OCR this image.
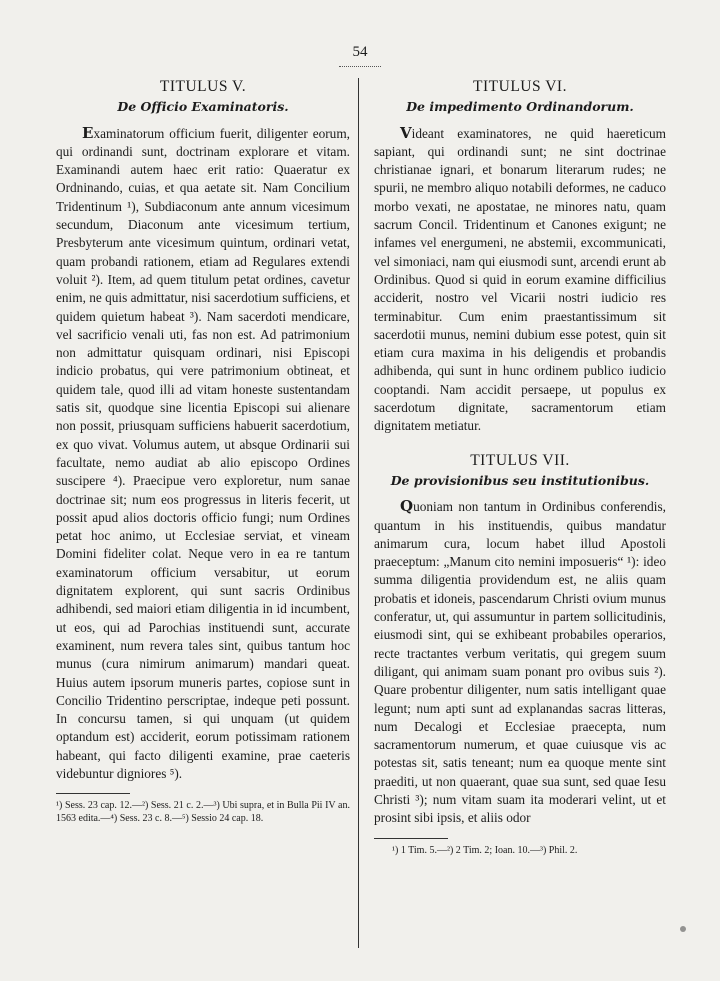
54
TITULUS V.
De Officio Examinatoris.

Examinatorum officium fuerit, diligenter eorum, qui ordinandi sunt, doctrinam explorare et vitam. Examinandi autem haec erit ratio: Quaeratur ex Ordninando, cuias, et qua aetate sit. Nam Concilium Tridentinum ¹), Subdiaconum ante annum vicesimum secundum, Diaconum ante vicesimum tertium, Presbyterum ante vicesimum quintum, ordinari vetat, quam probandi rationem, etiam ad Regulares extendi voluit ²). Item, ad quem titulum petat ordines, cavetur enim, ne quis admittatur, nisi sacerdotium sufficiens, et quidem quietum habeat ³). Nam sacerdoti mendicare, vel sacrificio venali uti, fas non est. Ad patrimonium non admittatur quisquam ordinari, nisi Episcopi indicio probatus, qui vere patrimonium obtineat, et quidem tale, quod illi ad vitam honeste sustentandam satis sit, quodque sine licentia Episcopi sui alienare non possit, priusquam sufficiens habuerit sacerdotium, ex quo vivat. Volumus autem, ut absque Ordinarii sui facultate, nemo audiat ab alio episcopo Ordines suscipere ⁴). Praecipue vero exploretur, num sanae doctrinae sit; num eos progressus in literis fecerit, ut possit apud alios doctoris officio fungi; num Ordines petat hoc animo, ut Ecclesiae serviat, et vineam Domini fideliter colat. Neque vero in ea re tantum examinatorum officium versabitur, ut eorum dignitatem explorent, qui sunt sacris Ordinibus adhibendi, sed maiori etiam diligentia in id incumbent, ut eos, qui ad Parochias instituendi sunt, accurate examinent, num revera tales sint, quibus tantum hoc munus (cura nimirum animarum) mandari queat. Huius autem ipsorum muneris partes, copiose sunt in Concilio Tridentino perscriptae, indeque peti possunt. In concursu tamen, si qui unquam (ut quidem optandum est) acciderit, eorum potissimam rationem habeant, qui facto diligenti examine, prae caeteris videbuntur digniores ⁵).

¹) Sess. 23 cap. 12.—²) Sess. 21 c. 2.—³) Ubi supra, et in Bulla Pii IV an. 1563 edita.—⁴) Sess. 23 c. 8.—⁵) Sessio 24 cap. 18.
TITULUS VI.
De impedimento Ordinandorum.

Videant examinatores, ne quid haereticum sapiant, qui ordinandi sunt; ne sint doctrinae christianae ignari, et bonarum literarum rudes; ne spurii, ne membro aliquo notabili deformes, ne caduco morbo vexati, ne apostatae, ne minores natu, quam sacrum Concil. Tridentinum et Canones exigunt; ne infames vel energumeni, ne abstemii, excommunicati, vel simoniaci, nam qui eiusmodi sunt, arcendi erunt ab Ordinibus. Quod si quid in eorum examine difficilius acciderit, nostro vel Vicarii nostri iudicio res terminabitur. Cum enim praestantissimum sit sacerdotii munus, nemini dubium esse potest, quin sit etiam cura maxima in his deligendis et probandis adhibenda, qui sunt in hunc ordinem publico iudicio cooptandi. Nam accidit persaepe, ut populus ex sacerdotum dignitate, sacramentorum etiam dignitatem metiatur.

TITULUS VII.
De provisionibus seu institutionibus.

Quoniam non tantum in Ordinibus conferendis, quantum in his instituendis, quibus mandatur animarum cura, locum habet illud Apostoli praeceptum: „Manum cito nemini imposueris“ ¹): ideo summa diligentia providendum est, ne aliis quam probatis et idoneis, pascendarum Christi ovium munus conferatur, ut, qui assumuntur in partem sollicitudinis, eiusmodi sint, qui se exhibeant probabiles operarios, recte tractantes verbum veritatis, qui gregem suum diligant, qui animam suam ponant pro ovibus suis ²). Quare probentur diligenter, num satis intelligant quae legunt; num apti sunt ad explanandas sacras litteras, num Decalogi et Ecclesiae praecepta, num sacramentorum numerum, et quae cuiusque vis ac potestas sit, satis teneant; num ea quoque mente sint praediti, ut non quaerant, quae sua sunt, sed quae Iesu Christi ³); num vitam suam ita moderari velint, ut et prosint sibi ipsis, et aliis odor

¹) 1 Tim. 5.—²) 2 Tim. 2; Ioan. 10.—³) Phil. 2.
